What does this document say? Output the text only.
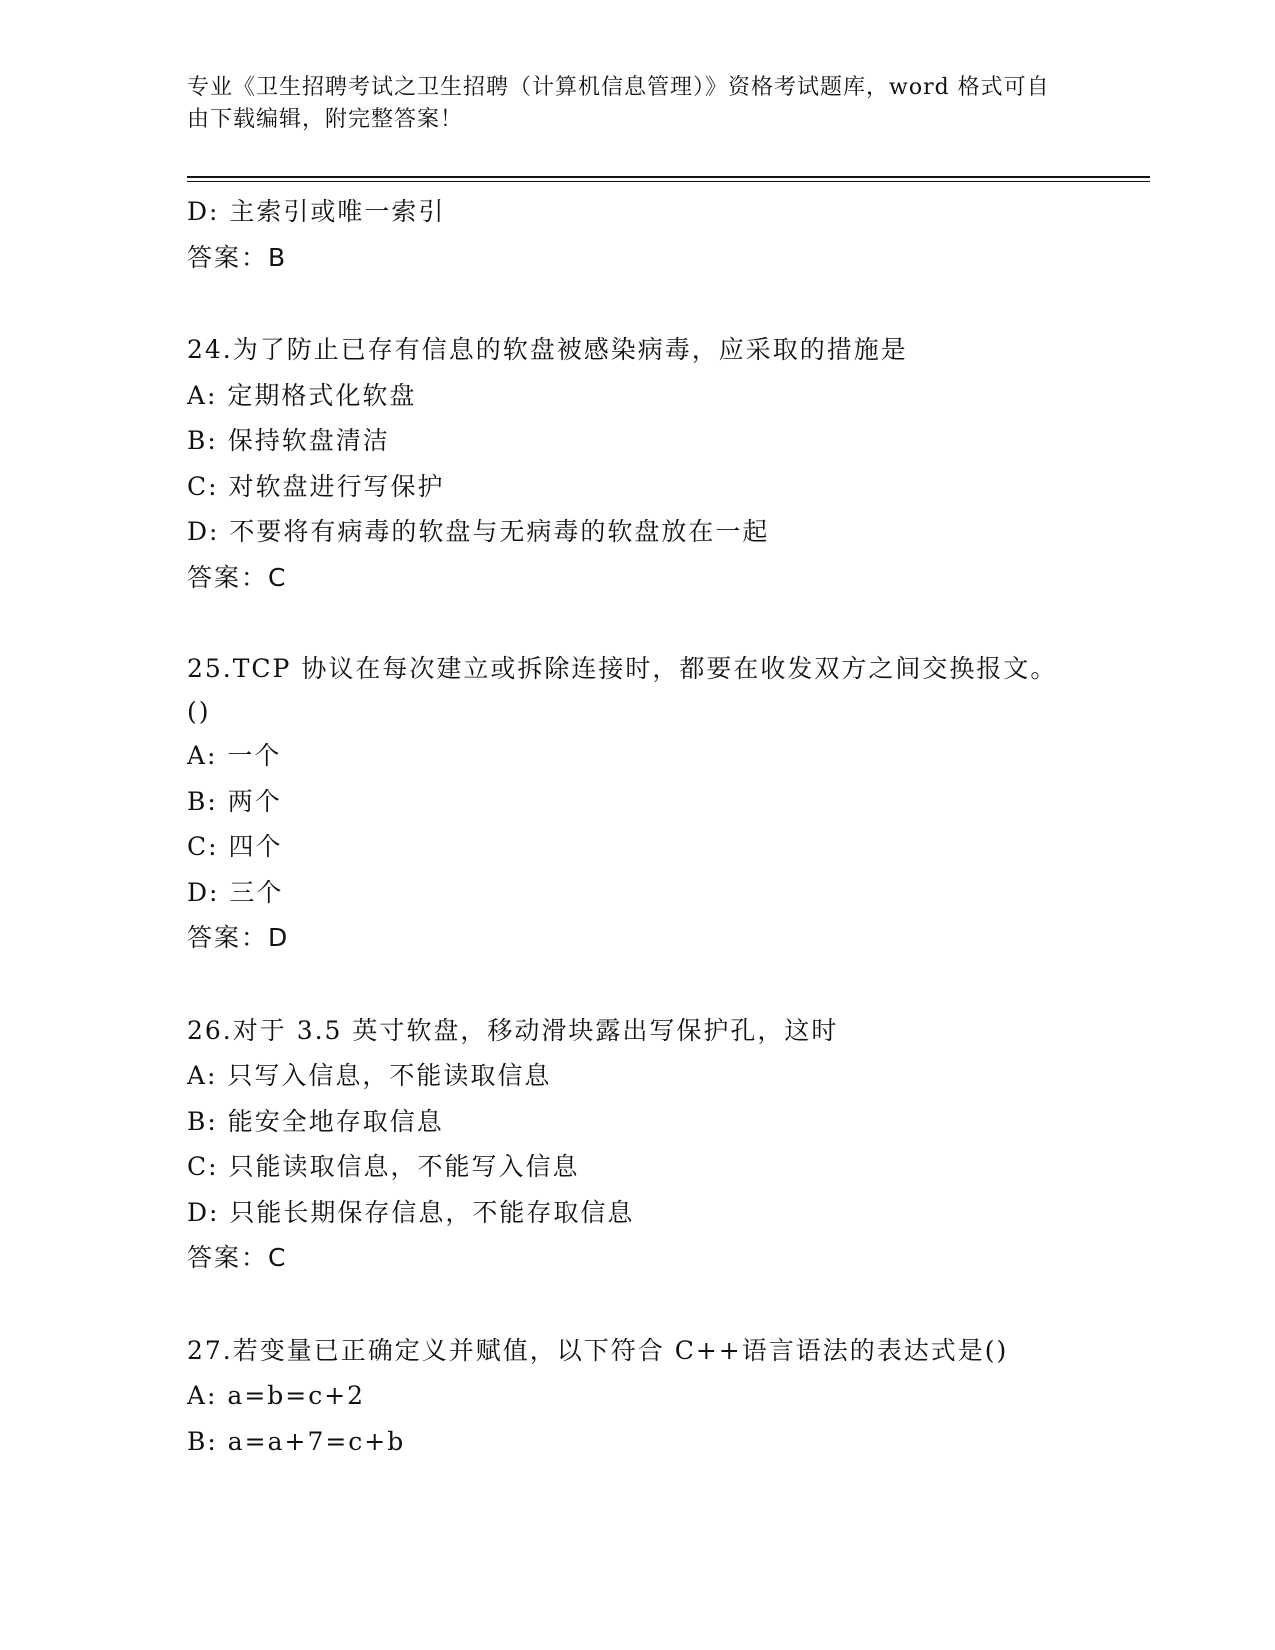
专业《卫生招聘考试之卫生招聘（计算机信息管理）》资格考试题库，word 格式可自由下载编辑，附完整答案！
D: 主索引或唯一索引
答案：B
24.为了防止已存有信息的软盘被感染病毒，应采取的措施是
A: 定期格式化软盘
B: 保持软盘清洁
C: 对软盘进行写保护
D: 不要将有病毒的软盘与无病毒的软盘放在一起
答案：C
25.TCP 协议在每次建立或拆除连接时，都要在收发双方之间交换报文。()
A: 一个
B: 两个
C: 四个
D: 三个
答案：D
26.对于 3.5 英寸软盘，移动滑块露出写保护孔，这时
A: 只写入信息，不能读取信息
B: 能安全地存取信息
C: 只能读取信息，不能写入信息
D: 只能长期保存信息，不能存取信息
答案：C
27.若变量已正确定义并赋值，以下符合 C++语言语法的表达式是()
A: a=b=c+2
B: a=a+7=c+b
